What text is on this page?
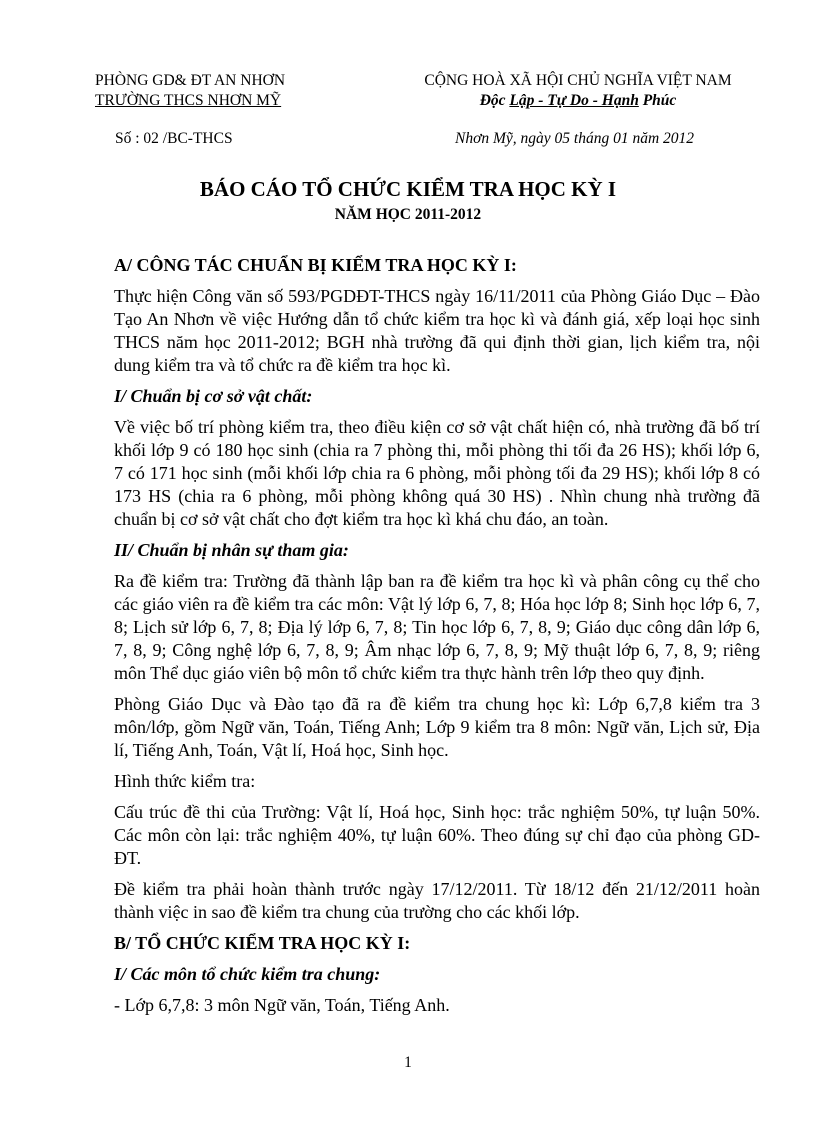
PHÒNG GD& ĐT AN NHƠN
TRƯỜNG THCS NHƠN MỸ
CỘNG HOÀ XÃ HỘI CHỦ NGHĨA VIỆT NAM
Độc Lập - Tự Do - Hạnh Phúc
Số : 02 /BC-THCS	Nhơn Mỹ, ngày 05 tháng 01 năm 2012
BÁO CÁO TỔ CHỨC KIỂM TRA HỌC KỲ I
NĂM HỌC 2011-2012
A/ CÔNG TÁC CHUẨN BỊ KIỂM TRA HỌC KỲ I:

Thực hiện Công văn số 593/PGDĐT-THCS ngày 16/11/2011 của Phòng Giáo Dục – Đào Tạo An Nhơn về việc Hướng dẫn tổ chức kiểm tra học kì và đánh giá, xếp loại học sinh THCS năm học 2011-2012; BGH nhà trường đã qui định thời gian, lịch kiểm tra, nội dung kiểm tra và tổ chức ra đề kiểm tra học kì.

I/ Chuẩn bị cơ sở vật chất:

Về việc bố trí phòng kiểm tra, theo điều kiện cơ sở vật chất hiện có, nhà trường đã bố trí khối lớp 9 có 180 học sinh (chia ra 7 phòng thi, mỗi phòng thi tối đa 26 HS); khối lớp 6, 7 có 171 học sinh (mỗi khối lớp chia ra 6 phòng, mỗi phòng tối đa 29 HS); khối lớp 8 có 173 HS (chia ra 6 phòng, mỗi phòng không quá 30 HS) . Nhìn chung nhà trường đã chuẩn bị cơ sở vật chất cho đợt kiểm tra học kì khá chu đáo, an toàn.

II/ Chuẩn bị nhân sự tham gia:

Ra đề kiểm tra: Trường đã thành lập ban ra đề kiểm tra học kì và phân công cụ thể cho các giáo viên ra đề kiểm tra các môn: Vật lý lớp 6, 7, 8; Hóa học lớp 8; Sinh học lớp 6, 7, 8; Lịch sử lớp 6, 7, 8; Địa lý lớp 6, 7, 8; Tin học lớp 6, 7, 8, 9; Giáo dục công dân lớp 6, 7, 8, 9; Công nghệ lớp 6, 7, 8, 9; Âm nhạc lớp 6, 7, 8, 9; Mỹ thuật lớp 6, 7, 8, 9; riêng môn Thể dục giáo viên bộ môn tổ chức kiểm tra thực hành trên lớp theo quy định.

Phòng Giáo Dục và Đào tạo đã ra đề kiểm tra chung học kì: Lớp 6,7,8 kiểm tra 3 môn/lớp, gồm Ngữ văn, Toán, Tiếng Anh; Lớp 9 kiểm tra 8 môn: Ngữ văn, Lịch sử, Địa lí, Tiếng Anh, Toán, Vật lí, Hoá học, Sinh học.

Hình thức kiểm tra:

Cấu trúc đề thi của Trường: Vật lí, Hoá học, Sinh học: trắc nghiệm 50%, tự luận 50%. Các môn còn lại: trắc nghiệm 40%, tự luận 60%. Theo đúng sự chỉ đạo của phòng GD-ĐT.

Đề kiểm tra phải hoàn thành trước ngày 17/12/2011. Từ 18/12 đến 21/12/2011 hoàn thành việc in sao đề kiểm tra chung của trường cho các khối lớp.

B/ TỔ CHỨC KIỂM TRA HỌC KỲ I:
I/ Các môn tổ chức kiểm tra chung:

- Lớp 6,7,8: 3 môn Ngữ văn, Toán, Tiếng Anh.

1
